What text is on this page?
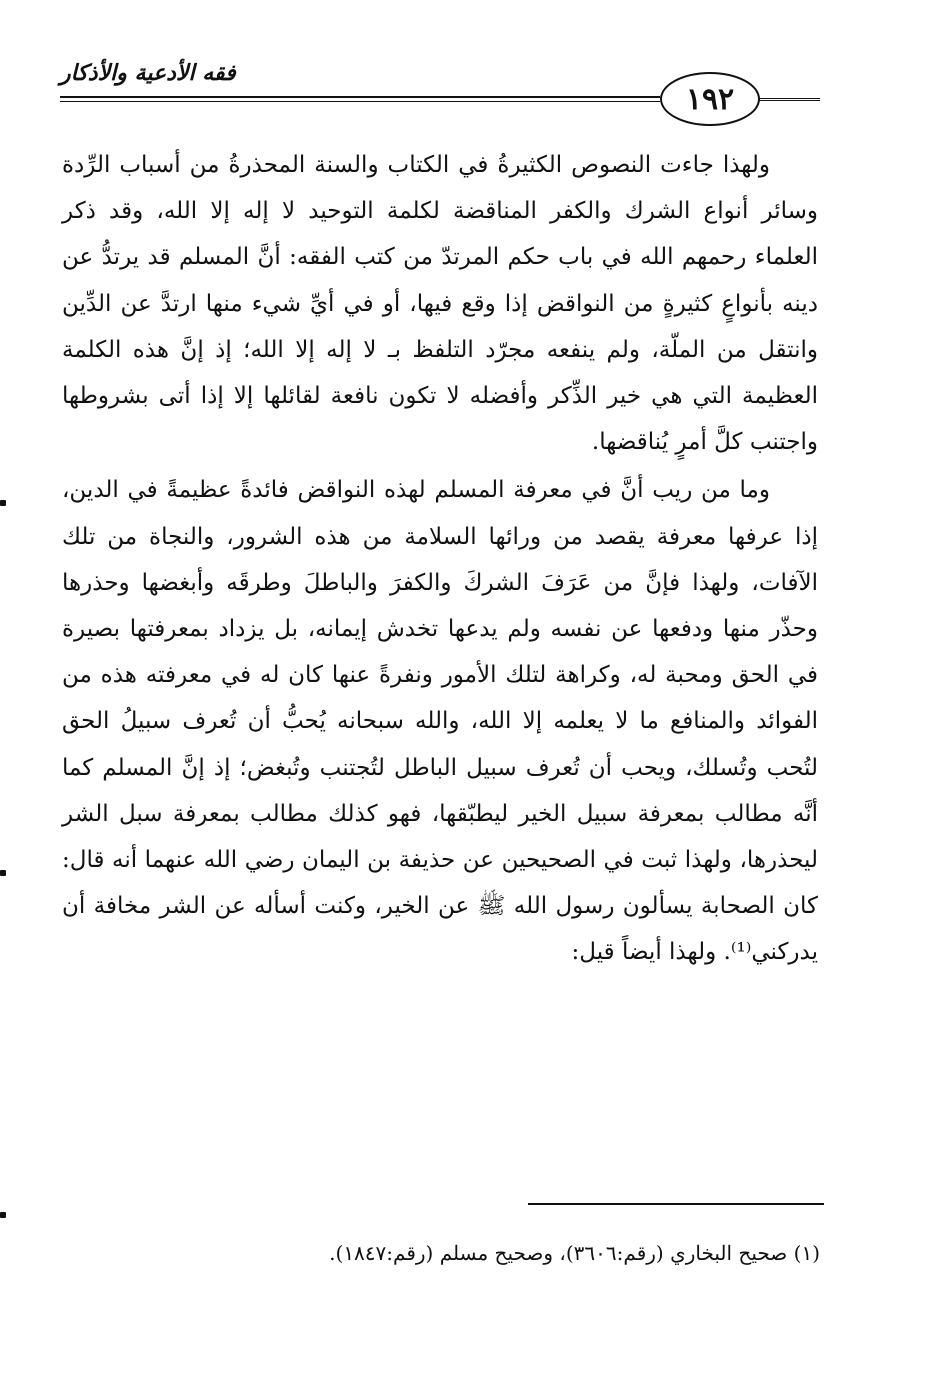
فقه الأدعية والأذكار
١٩٢

ولهذا جاءت النصوص الكثيرةُ في الكتاب والسنة المحذرةُ من أسباب الرِّدة وسائر أنواع الشرك والكفر المناقضة لكلمة التوحيد لا إله إلا الله، وقد ذكر العلماء رحمهم الله في باب حكم المرتدّ من كتب الفقه: أنَّ المسلم قد يرتدُّ عن دينه بأنواعٍ كثيرةٍ من النواقض إذا وقع فيها، أو في أيِّ شيء منها ارتدَّ عن الدِّين وانتقل من الملّة، ولم ينفعه مجرّد التلفظ بـ لا إله إلا الله؛ إذ إنَّ هذه الكلمة العظيمة التي هي خير الذِّكر وأفضله لا تكون نافعة لقائلها إلا إذا أتى بشروطها واجتنب كلَّ أمرٍ يُناقضها.

وما من ريب أنَّ في معرفة المسلم لهذه النواقض فائدةً عظيمةً في الدين، إذا عرفها معرفة يقصد من ورائها السلامة من هذه الشرور، والنجاة من تلك الآفات، ولهذا فإنَّ من عَرَفَ الشركَ والكفرَ والباطلَ وطرقَه وأبغضها وحذرها وحذّر منها ودفعها عن نفسه ولم يدعها تخدش إيمانه، بل يزداد بمعرفتها بصيرة في الحق ومحبة له، وكراهة لتلك الأمور ونفرةً عنها كان له في معرفته هذه من الفوائد والمنافع ما لا يعلمه إلا الله، والله سبحانه يُحبُّ أن تُعرف سبيلُ الحق لتُحب وتُسلك، ويحب أن تُعرف سبيل الباطل لتُجتنب وتُبغض؛ إذ إنَّ المسلم كما أنَّه مطالب بمعرفة سبيل الخير ليطبّقها، فهو كذلك مطالب بمعرفة سبل الشر ليحذرها، ولهذا ثبت في الصحيحين عن حذيفة بن اليمان رضي الله عنهما أنه قال: كان الصحابة يسألون رسول الله ﷺ عن الخير، وكنت أسأله عن الشر مخافة أن يدركني⁽¹⁾. ولهذا أيضاً قيل:

(١) صحيح البخاري (رقم:٣٦٠٦)، وصحيح مسلم (رقم:١٨٤٧).
